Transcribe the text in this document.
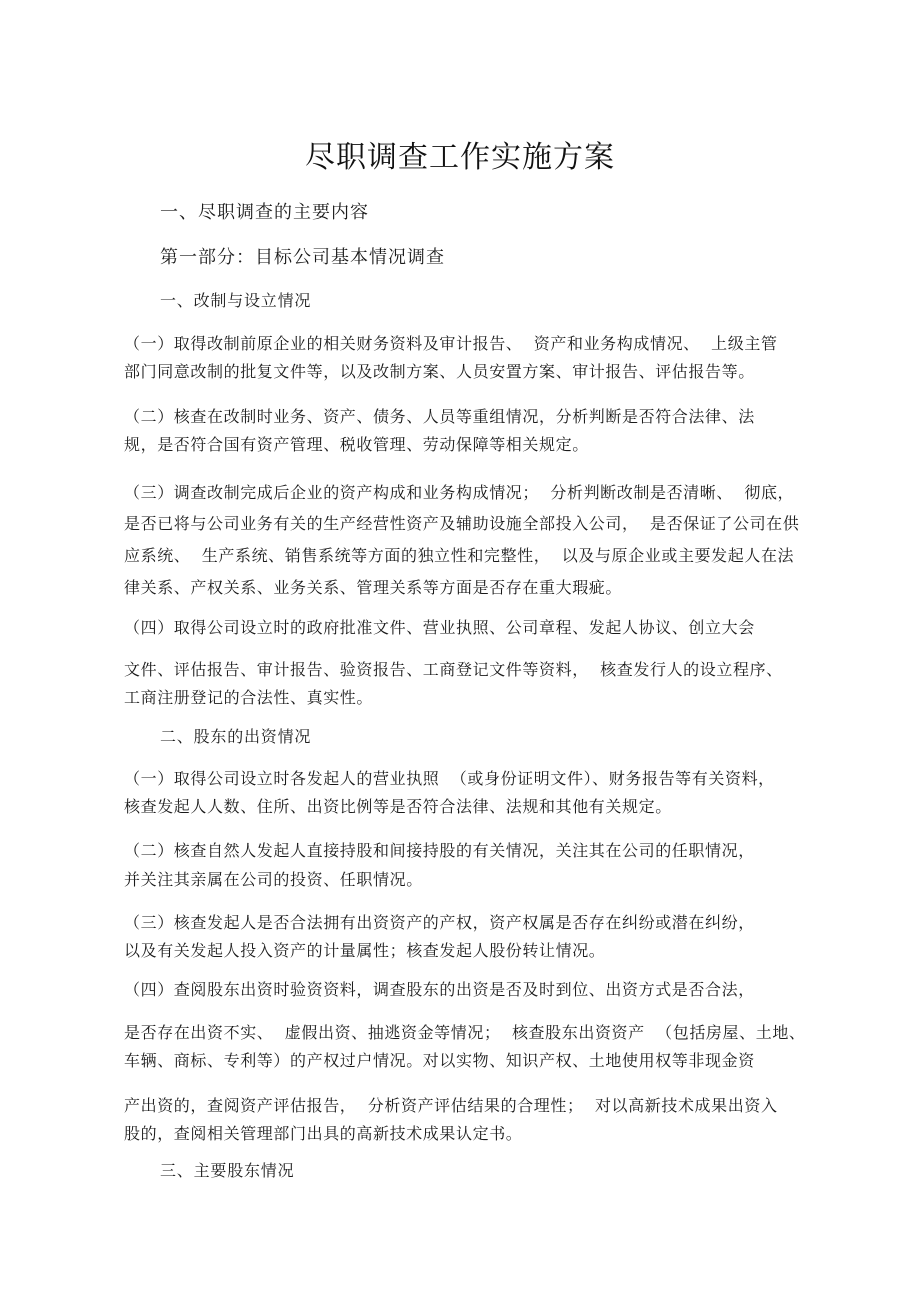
尽职调查工作实施方案
一、尽职调查的主要内容
第一部分：目标公司基本情况调查
一、改制与设立情况
（一）取得改制前原企业的相关财务资料及审计报告、  资产和业务构成情况、  上级主管
部门同意改制的批复文件等，以及改制方案、人员安置方案、审计报告、评估报告等。
（二）核查在改制时业务、资产、债务、人员等重组情况，分析判断是否符合法律、法
规，是否符合国有资产管理、税收管理、劳动保障等相关规定。
（三）调查改制完成后企业的资产构成和业务构成情况；  分析判断改制是否清晰、  彻底，
是否已将与公司业务有关的生产经营性资产及辅助设施全部投入公司，  是否保证了公司在供
应系统、  生产系统、销售系统等方面的独立性和完整性，  以及与原企业或主要发起人在法
律关系、产权关系、业务关系、管理关系等方面是否存在重大瑕疵。
（四）取得公司设立时的政府批准文件、营业执照、公司章程、发起人协议、创立大会
文件、评估报告、审计报告、验资报告、工商登记文件等资料，  核查发行人的设立程序、
工商注册登记的合法性、真实性。
二、股东的出资情况
（一）取得公司设立时各发起人的营业执照  （或身份证明文件）、财务报告等有关资料，
核查发起人人数、住所、出资比例等是否符合法律、法规和其他有关规定。
（二）核查自然人发起人直接持股和间接持股的有关情况，关注其在公司的任职情况，
并关注其亲属在公司的投资、任职情况。
（三）核查发起人是否合法拥有出资资产的产权，资产权属是否存在纠纷或潜在纠纷，
以及有关发起人投入资产的计量属性；核查发起人股份转让情况。
（四）查阅股东出资时验资资料，调查股东的出资是否及时到位、出资方式是否合法，
是否存在出资不实、  虚假出资、抽逃资金等情况；  核查股东出资资产  （包括房屋、土地、
车辆、商标、专利等）的产权过户情况。对以实物、知识产权、土地使用权等非现金资
产出资的，查阅资产评估报告，  分析资产评估结果的合理性；  对以高新技术成果出资入
股的，查阅相关管理部门出具的高新技术成果认定书。
三、主要股东情况
